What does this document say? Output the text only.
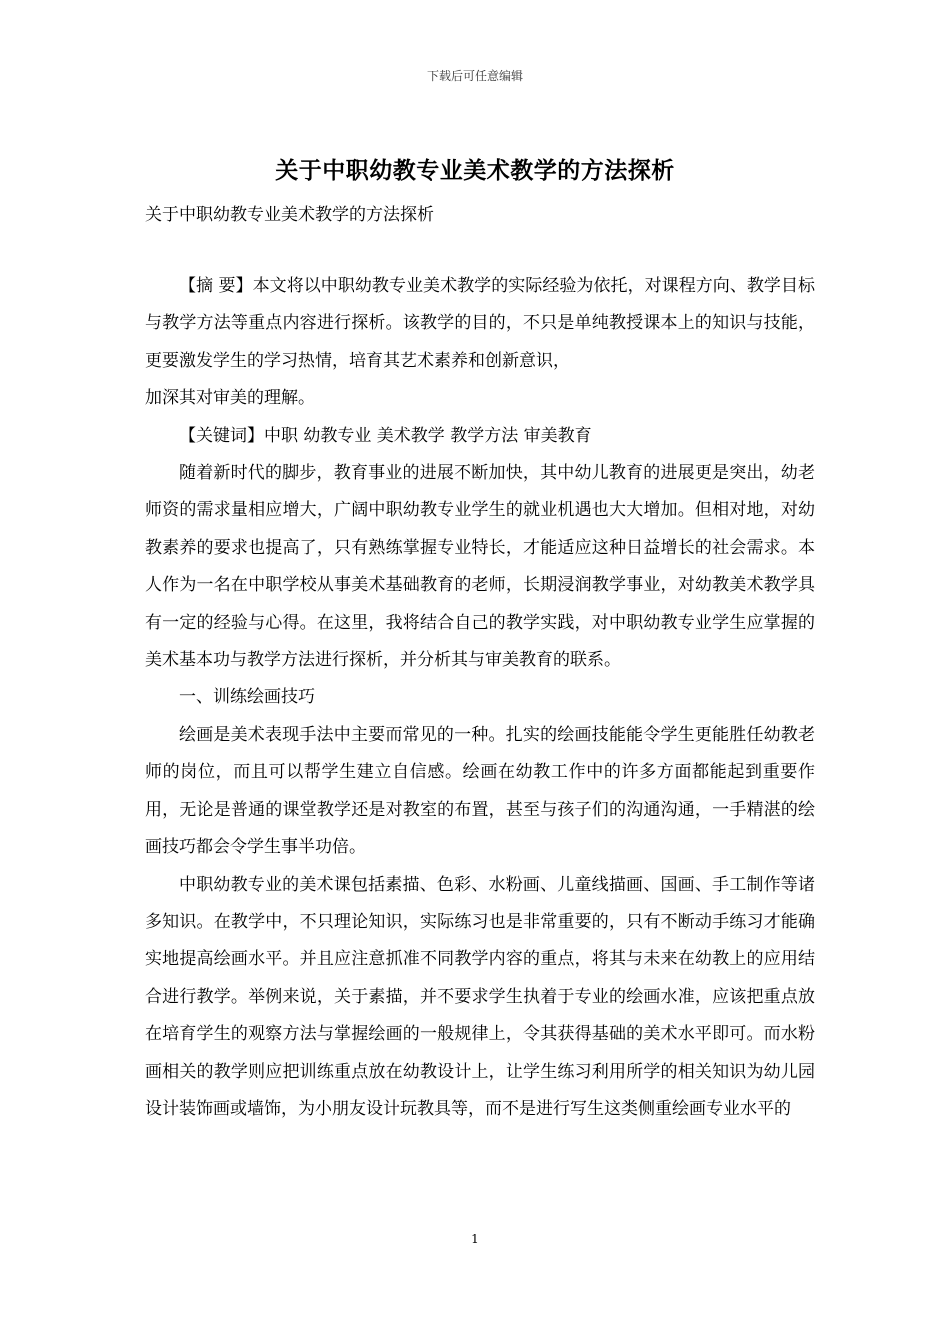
下载后可任意编辑
关于中职幼教专业美术教学的方法探析
关于中职幼教专业美术教学的方法探析

【摘 要】本文将以中职幼教专业美术教学的实际经验为依托，对课程方向、教学目标与教学方法等重点内容进行探析。该教学的目的，不只是单纯教授课本上的知识与技能，更要激发学生的学习热情，培育其艺术素养和创新意识，

加深其对审美的理解。

【关键词】中职 幼教专业 美术教学 教学方法 审美教育

随着新时代的脚步，教育事业的进展不断加快，其中幼儿教育的进展更是突出，幼老师资的需求量相应增大，广阔中职幼教专业学生的就业机遇也大大增加。但相对地，对幼教素养的要求也提高了，只有熟练掌握专业特长，才能适应这种日益增长的社会需求。本人作为一名在中职学校从事美术基础教育的老师，长期浸润教学事业，对幼教美术教学具有一定的经验与心得。在这里，我将结合自己的教学实践，对中职幼教专业学生应掌握的美术基本功与教学方法进行探析，并分析其与审美教育的联系。

一、训练绘画技巧

绘画是美术表现手法中主要而常见的一种。扎实的绘画技能能令学生更能胜任幼教老师的岗位，而且可以帮学生建立自信感。绘画在幼教工作中的许多方面都能起到重要作用，无论是普通的课堂教学还是对教室的布置，甚至与孩子们的沟通沟通，一手精湛的绘画技巧都会令学生事半功倍。

中职幼教专业的美术课包括素描、色彩、水粉画、儿童线描画、国画、手工制作等诸多知识。在教学中，不只理论知识，实际练习也是非常重要的，只有不断动手练习才能确实地提高绘画水平。并且应注意抓准不同教学内容的重点，将其与未来在幼教上的应用结合进行教学。举例来说，关于素描，并不要求学生执着于专业的绘画水准，应该把重点放在培育学生的观察方法与掌握绘画的一般规律上，令其获得基础的美术水平即可。而水粉画相关的教学则应把训练重点放在幼教设计上，让学生练习利用所学的相关知识为幼儿园设计装饰画或墙饰，为小朋友设计玩教具等，而不是进行写生这类侧重绘画专业水平的

1
